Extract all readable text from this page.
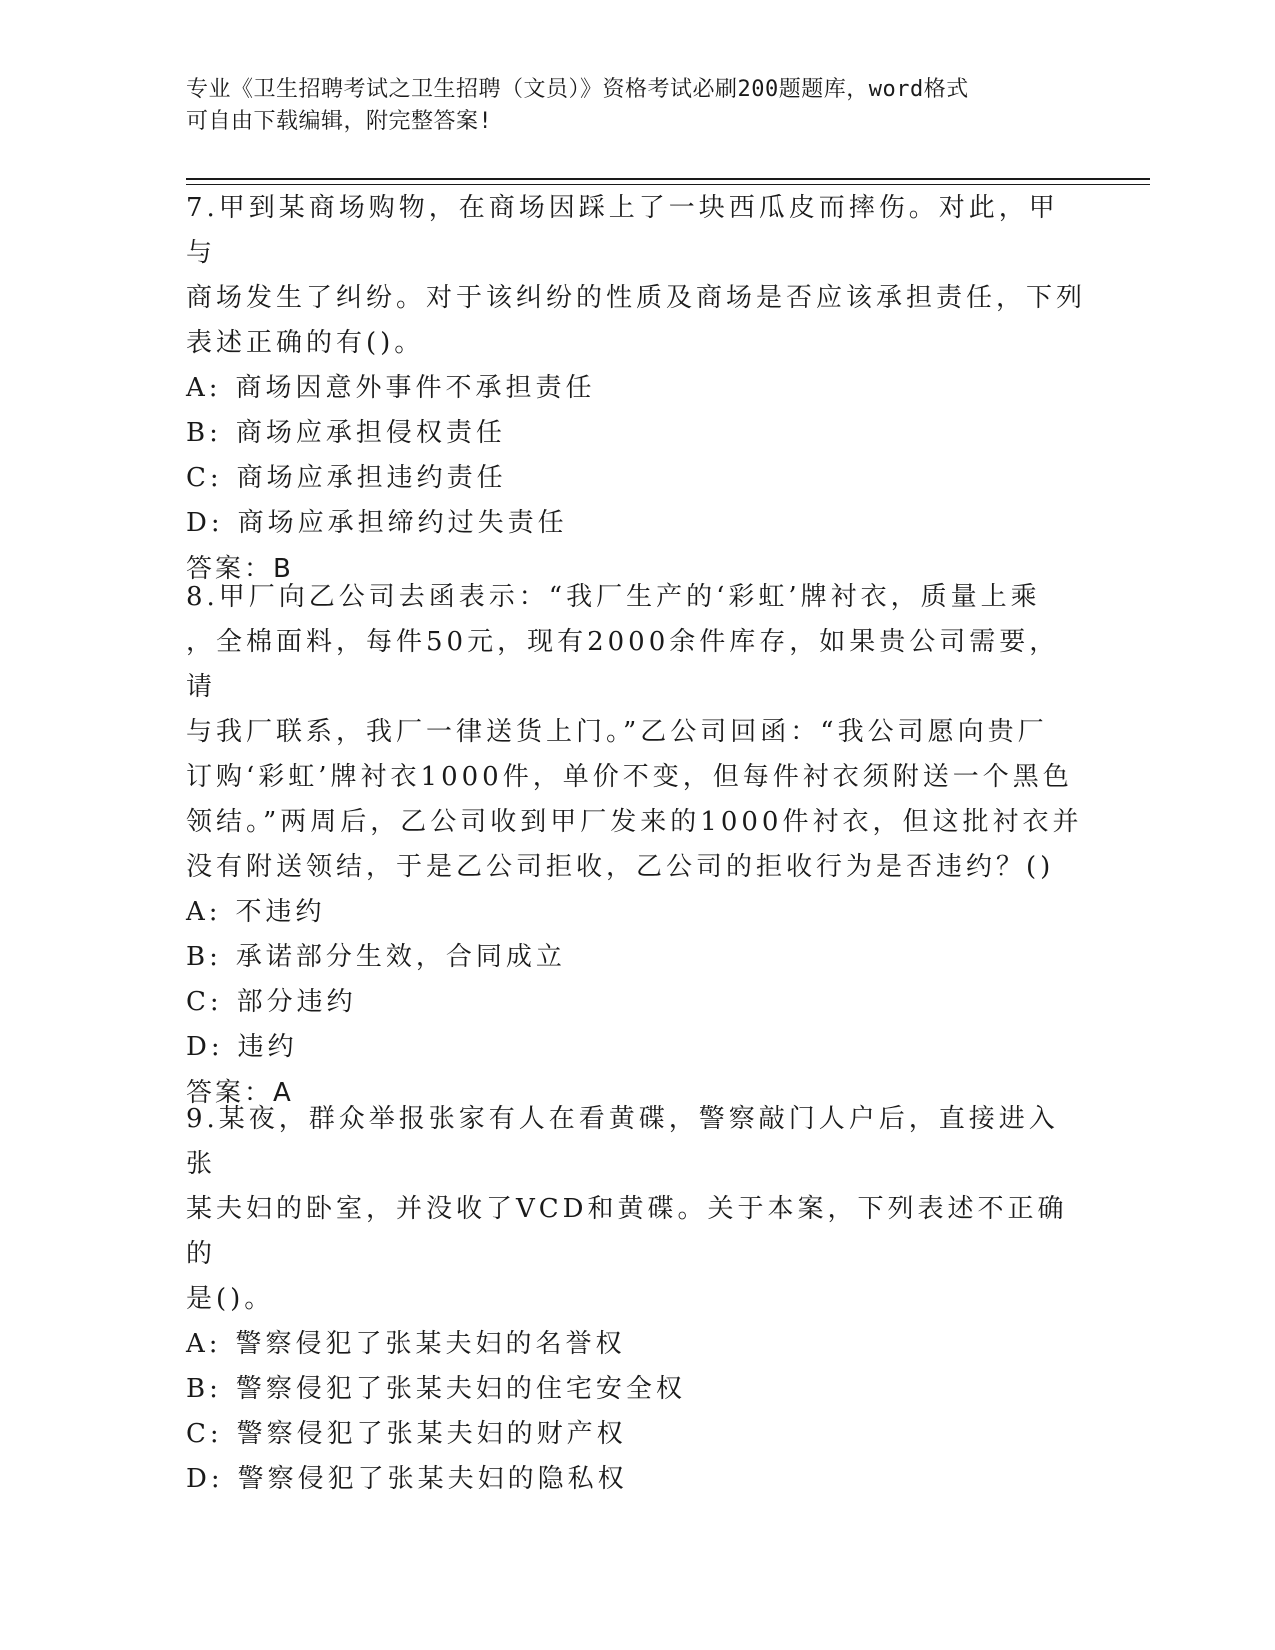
专业《卫生招聘考试之卫生招聘（文员）》资格考试必刷200题题库，word格式
可自由下载编辑，附完整答案!

7.甲到某商场购物，在商场因踩上了一块西瓜皮而摔伤。对此，甲与
商场发生了纠纷。对于该纠纷的性质及商场是否应该承担责任，下列
表述正确的有()。

A: 商场因意外事件不承担责任

B: 商场应承担侵权责任

C: 商场应承担违约责任

D: 商场应承担缔约过失责任

答案：B

8.甲厂向乙公司去函表示：“我厂生产的‘彩虹’牌衬衣，质量上乘
，全棉面料，每件50元，现有2000余件库存，如果贵公司需要，请
与我厂联系，我厂一律送货上门。”乙公司回函：“我公司愿向贵厂
订购‘彩虹’牌衬衣1000件，单价不变，但每件衬衣须附送一个黑色
领结。”两周后，乙公司收到甲厂发来的1000件衬衣，但这批衬衣并
没有附送领结，于是乙公司拒收，乙公司的拒收行为是否违约？()

A: 不违约

B: 承诺部分生效，合同成立

C: 部分违约

D: 违约

答案：A

9.某夜，群众举报张家有人在看黄碟，警察敲门人户后，直接进入张
某夫妇的卧室，并没收了VCD和黄碟。关于本案，下列表述不正确的
是()。

A: 警察侵犯了张某夫妇的名誉权

B: 警察侵犯了张某夫妇的住宅安全权

C: 警察侵犯了张某夫妇的财产权

D: 警察侵犯了张某夫妇的隐私权
